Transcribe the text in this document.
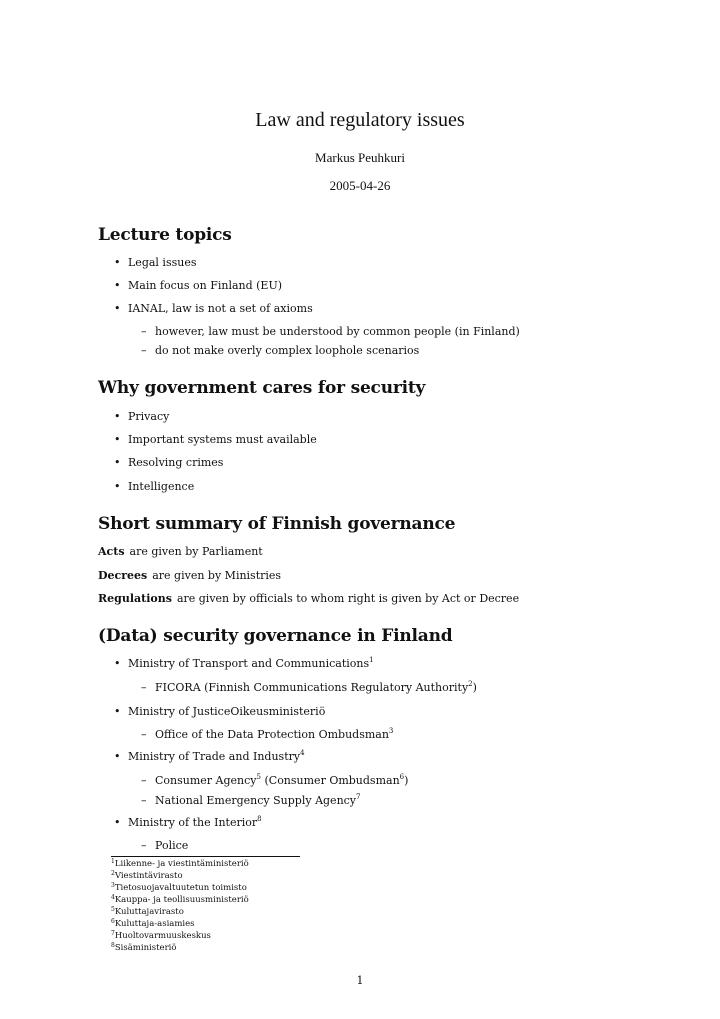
Law and regulatory issues
Markus Peuhkuri
2005-04-26
Lecture topics
• Legal issues
• Main focus on Finland (EU)
• IANAL, law is not a set of axioms
– however, law must be understood by common people (in Finland)
– do not make overly complex loophole scenarios
Why government cares for security
• Privacy
• Important systems must available
• Resolving crimes
• Intelligence
Short summary of Finnish governance
Acts are given by Parliament
Decrees are given by Ministries
Regulations are given by officials to whom right is given by Act or Decree
(Data) security governance in Finland
• Ministry of Transport and Communications$^1$
– FICORA (Finnish Communications Regulatory Authority$^2$)
• Ministry of JusticeOikeusministeriö
– Office of the Data Protection Ombudsman$^3$
• Ministry of Trade and Industry$^4$
– Consumer Agency$^5$ (Consumer Ombudsman$^6$)
– National Emergency Supply Agency$^7$
• Ministry of the Interior$^8$
– Police
$^1$Liikenne- ja viestintäministeriö
$^2$Viestintävirasto
$^3$Tietosuojavaltuutetun toimisto
$^4$Kauppa- ja teollisuusministeriö
$^5$Kuluttajavirasto
$^6$Kuluttaja-asiamies
$^7$Huoltovarmuuskeskus
$^8$Sisäministeriö
1
